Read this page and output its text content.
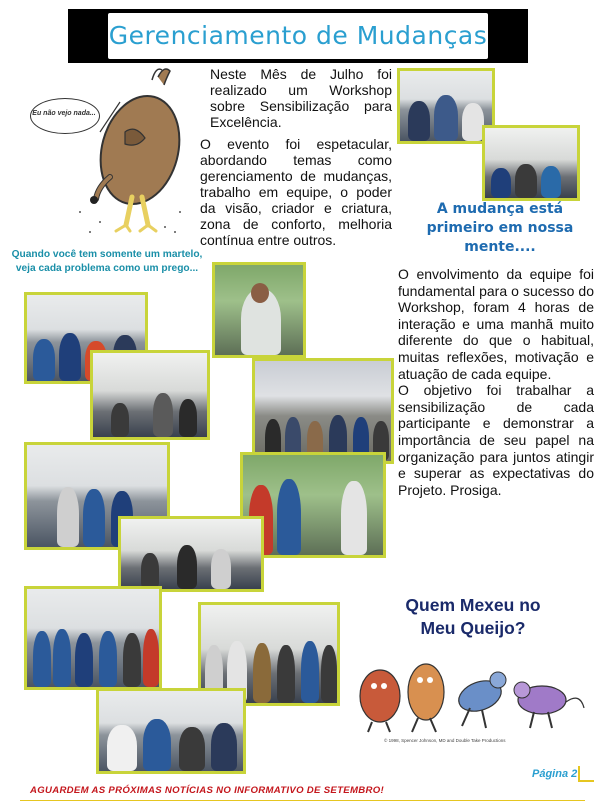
Gerenciamento de Mudanças
Eu não vejo nada...
Quando você tem somente um martelo, veja cada problema como um prego...

Neste Mês de Julho foi realizado um Workshop sobre Sensibilização para Excelência.

O evento foi espetacular, abordando temas como gerenciamento de mudanças, trabalho em equipe, o poder da visão, criador e criatura, zona de conforto, melhoria contínua entre outros.

A mudança está primeiro em nossa mente....

O envolvimento da equipe foi fundamental para o sucesso do Workshop, foram 4 horas de interação e uma manhã muito diferente do que o habitual, muitas reflexões, motivação e atuação de cada equipe.

O objetivo foi trabalhar a sensibilização de cada participante e demonstrar a importância de seu papel na organização para juntos atingir e superar as expectativas do Projeto. Prosiga.

Quem Mexeu no
Meu Queijo?
© 1998, Spencer Johnson, MD and Double Take Productions
Página 2
AGUARDEM AS PRÓXIMAS NOTÍCIAS NO INFORMATIVO DE SETEMBRO!
